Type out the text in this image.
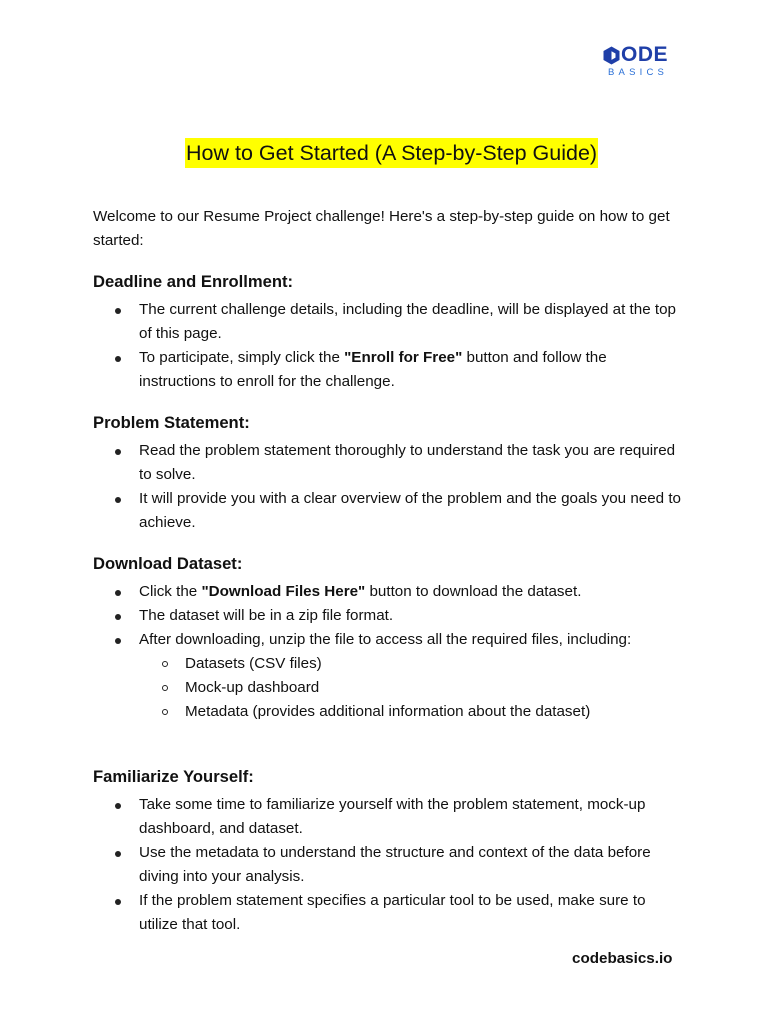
ODE
BASICS
How to Get Started (A Step-by-Step Guide)

Welcome to our Resume Project challenge! Here's a step-by-step guide on how to get started:

Deadline and Enrollment:
The current challenge details, including the deadline, will be displayed at the top of this page.
To participate, simply click the "Enroll for Free" button and follow the instructions to enroll for the challenge.
Problem Statement:
Read the problem statement thoroughly to understand the task you are required to solve.
It will provide you with a clear overview of the problem and the goals you need to achieve.
Download Dataset:
Click the "Download Files Here" button to download the dataset.
The dataset will be in a zip file format.
After downloading, unzip the file to access all the required files, including:
Datasets (CSV files)
Mock-up dashboard
Metadata (provides additional information about the dataset)
Familiarize Yourself:
Take some time to familiarize yourself with the problem statement, mock-up dashboard, and dataset.
Use the metadata to understand the structure and context of the data before diving into your analysis.
If the problem statement specifies a particular tool to be used, make sure to utilize that tool.
codebasics.io
